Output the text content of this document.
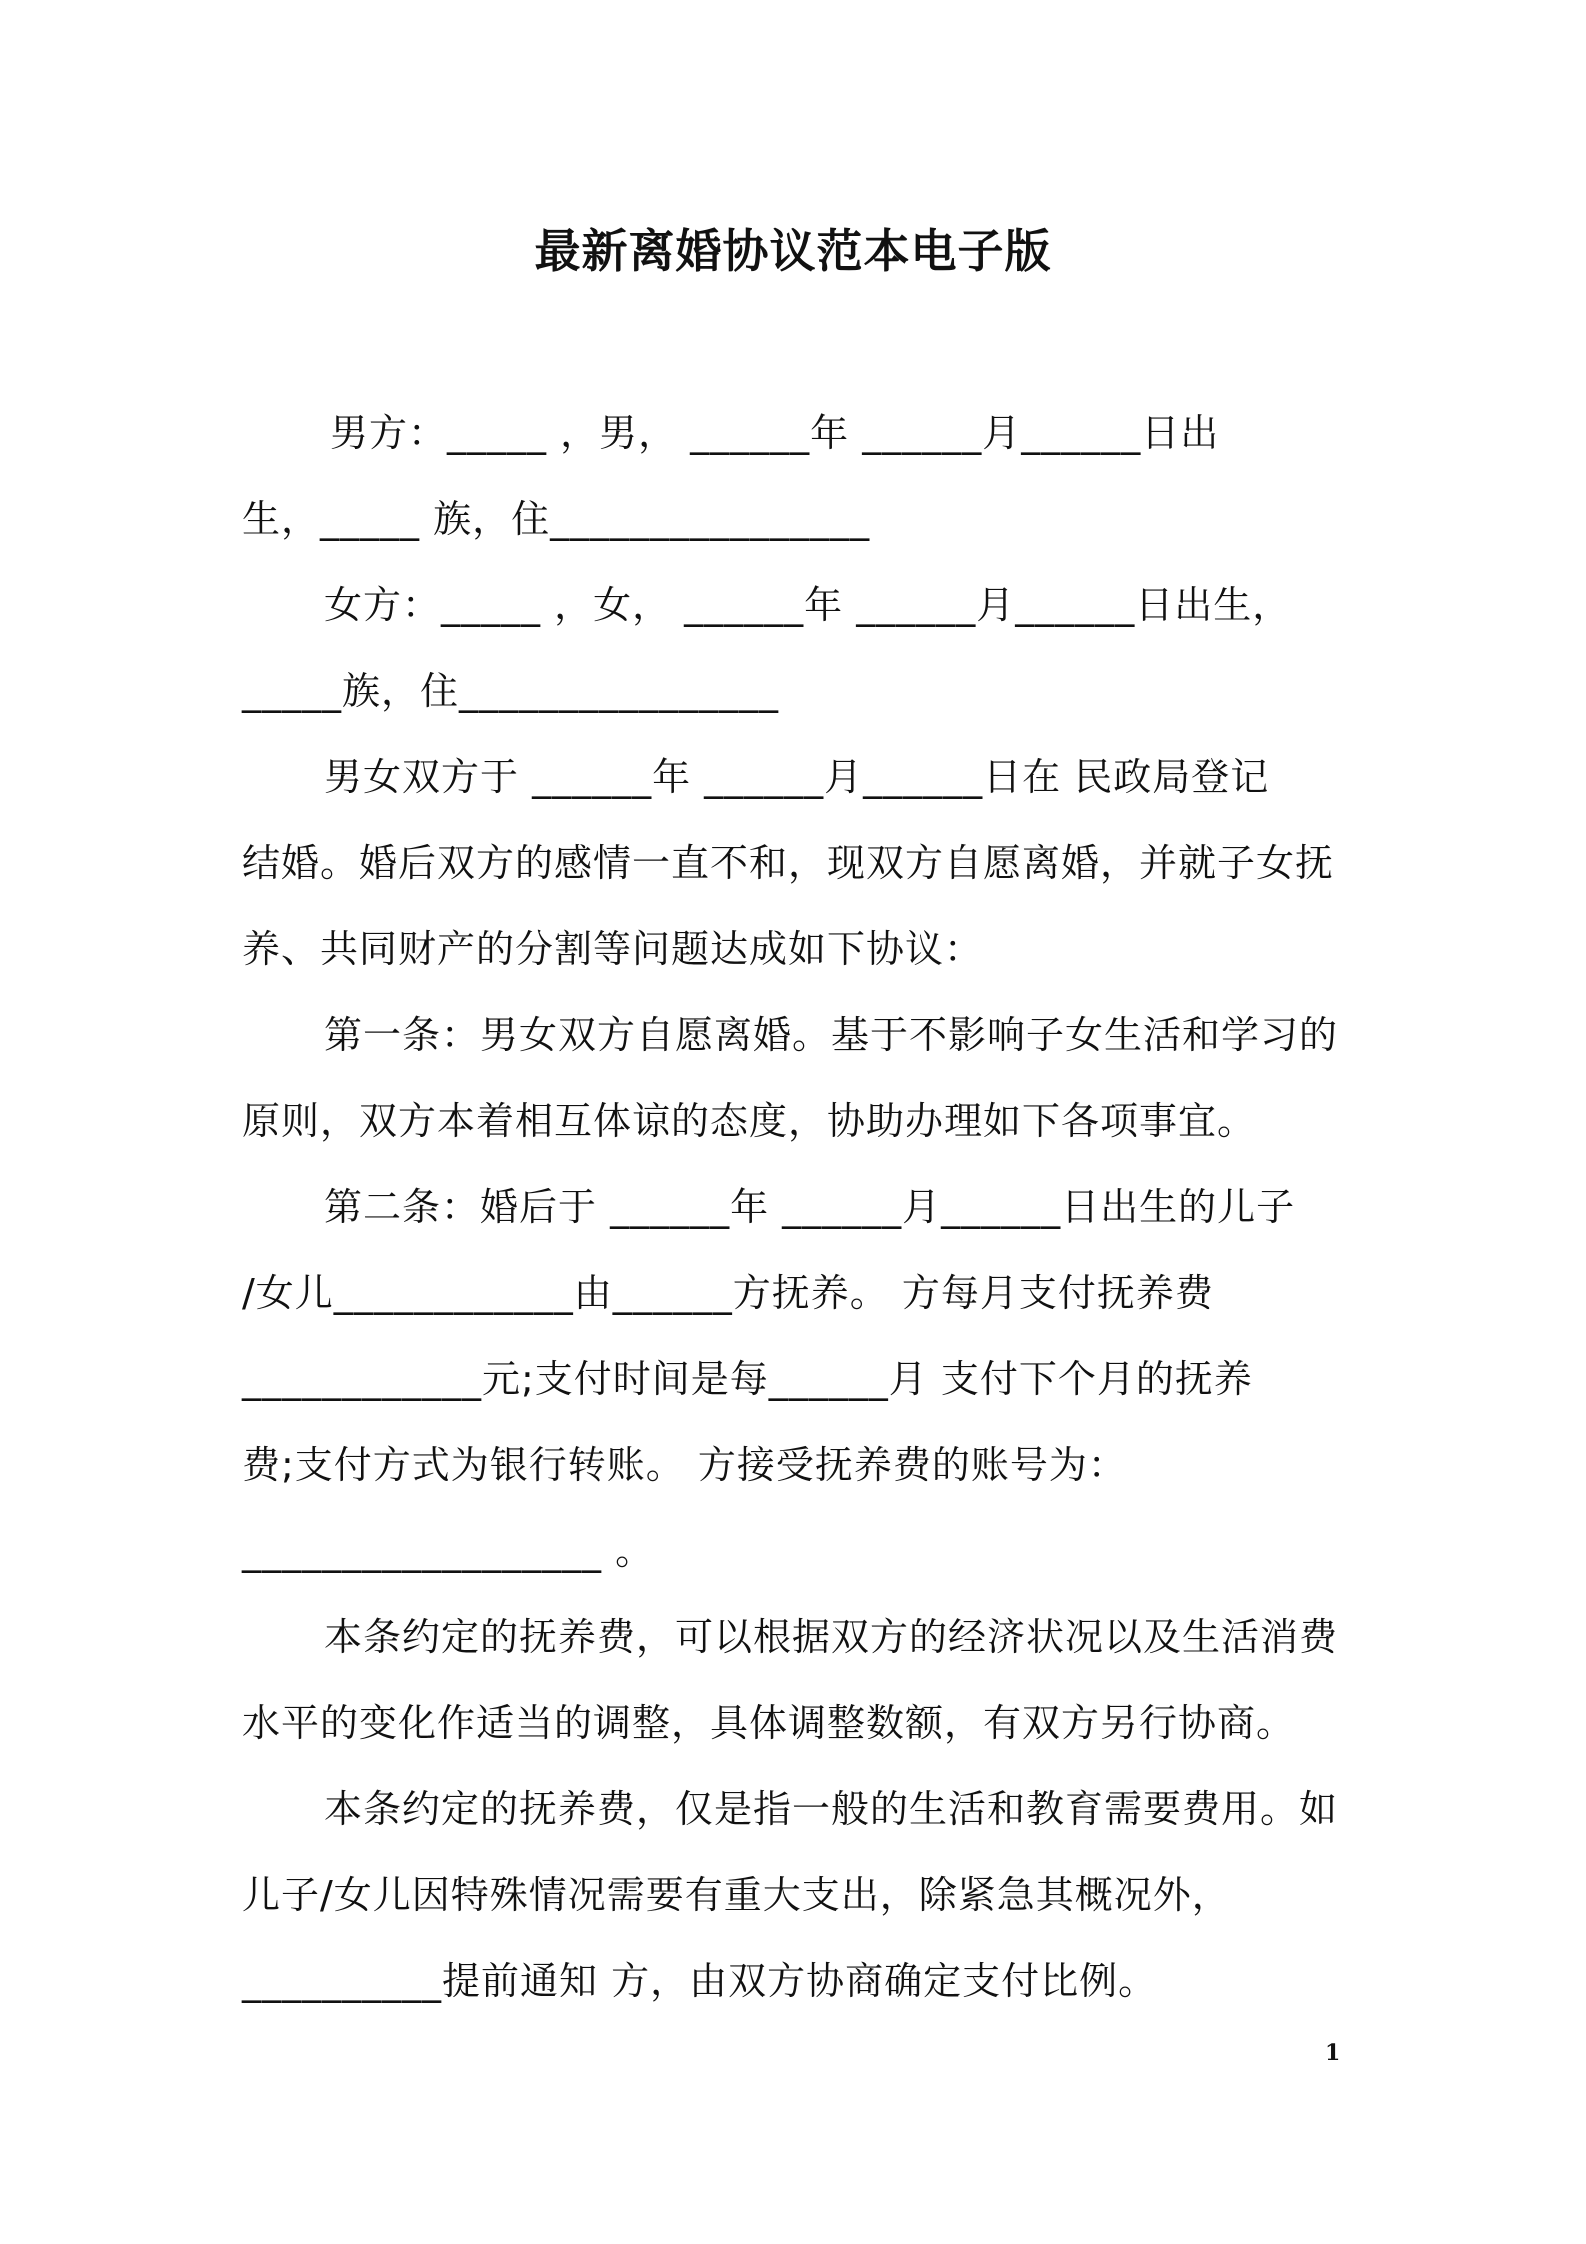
最新离婚协议范本电子版
男方：_____ ，男， ______年 ______月______日出
生，_____ 族，住________________
女方：_____ ，女， ______年 ______月______日出生，
_____族，住________________
男女双方于 ______年 ______月______日在 民政局登记
结婚。婚后双方的感情一直不和，现双方自愿离婚，并就子女抚
养、共同财产的分割等问题达成如下协议：
第一条：男女双方自愿离婚。基于不影响子女生活和学习的
原则，双方本着相互体谅的态度，协助办理如下各项事宜。
第二条：婚后于 ______年 ______月______日出生的儿子
/女儿____________由______方抚养。 方每月支付抚养费
____________元;支付时间是每______月 支付下个月的抚养
费;支付方式为银行转账。 方接受抚养费的账号为：
__________________ 。
本条约定的抚养费，可以根据双方的经济状况以及生活消费
水平的变化作适当的调整，具体调整数额，有双方另行协商。
本条约定的抚养费，仅是指一般的生活和教育需要费用。如
儿子/女儿因特殊情况需要有重大支出，除紧急其概况外，
__________提前通知 方，由双方协商确定支付比例。
1
